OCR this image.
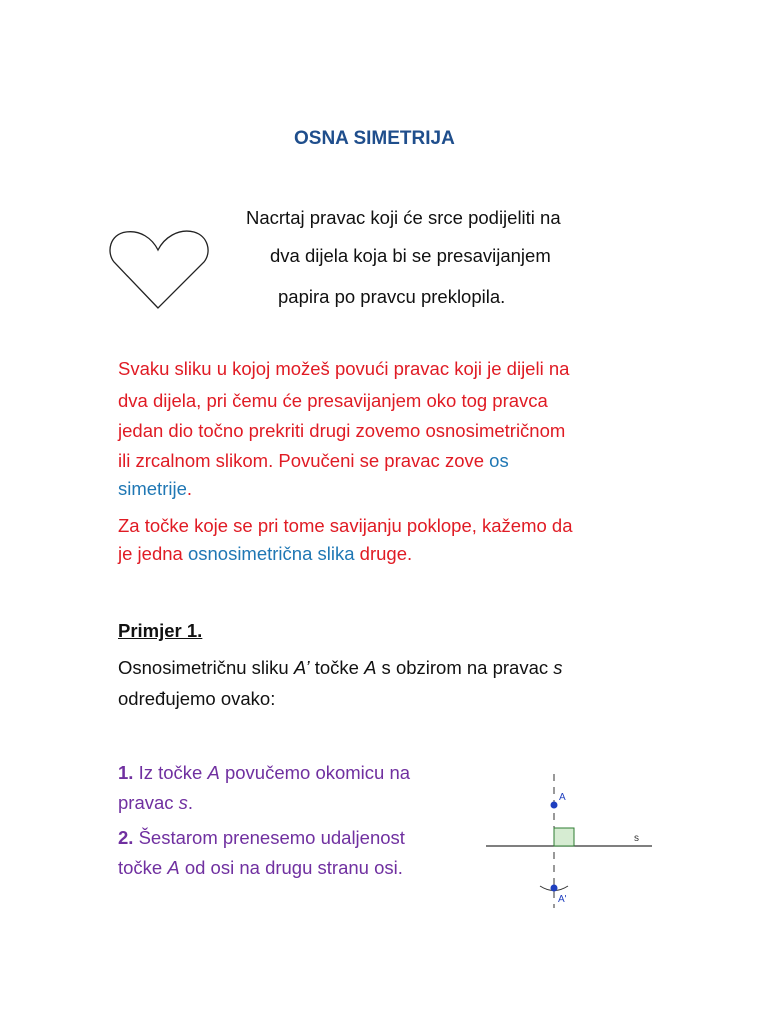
OSNA SIMETRIJA
Nacrtaj pravac koji će srce podijeliti na
dva dijela koja bi se presavijanjem
papira po pravcu preklopila.
Svaku sliku u kojoj možeš povući pravac koji je dijeli na
dva dijela, pri čemu će presavijanjem oko tog pravca
jedan dio točno prekriti drugi zovemo osnosimetričnom
ili zrcalnom slikom. Povučeni se pravac zove os
simetrije.
Za točke koje se pri tome savijanju poklope, kažemo da
je jedna osnosimetrična slika druge.
Primjer 1.
Osnosimetričnu sliku A’ točke A s obzirom na pravac s
određujemo ovako:
1. Iz točke A povučemo okomicu na
pravac s.
2. Šestarom prenesemo udaljenost
točke A od osi na drugu stranu osi.
A
A'
s
